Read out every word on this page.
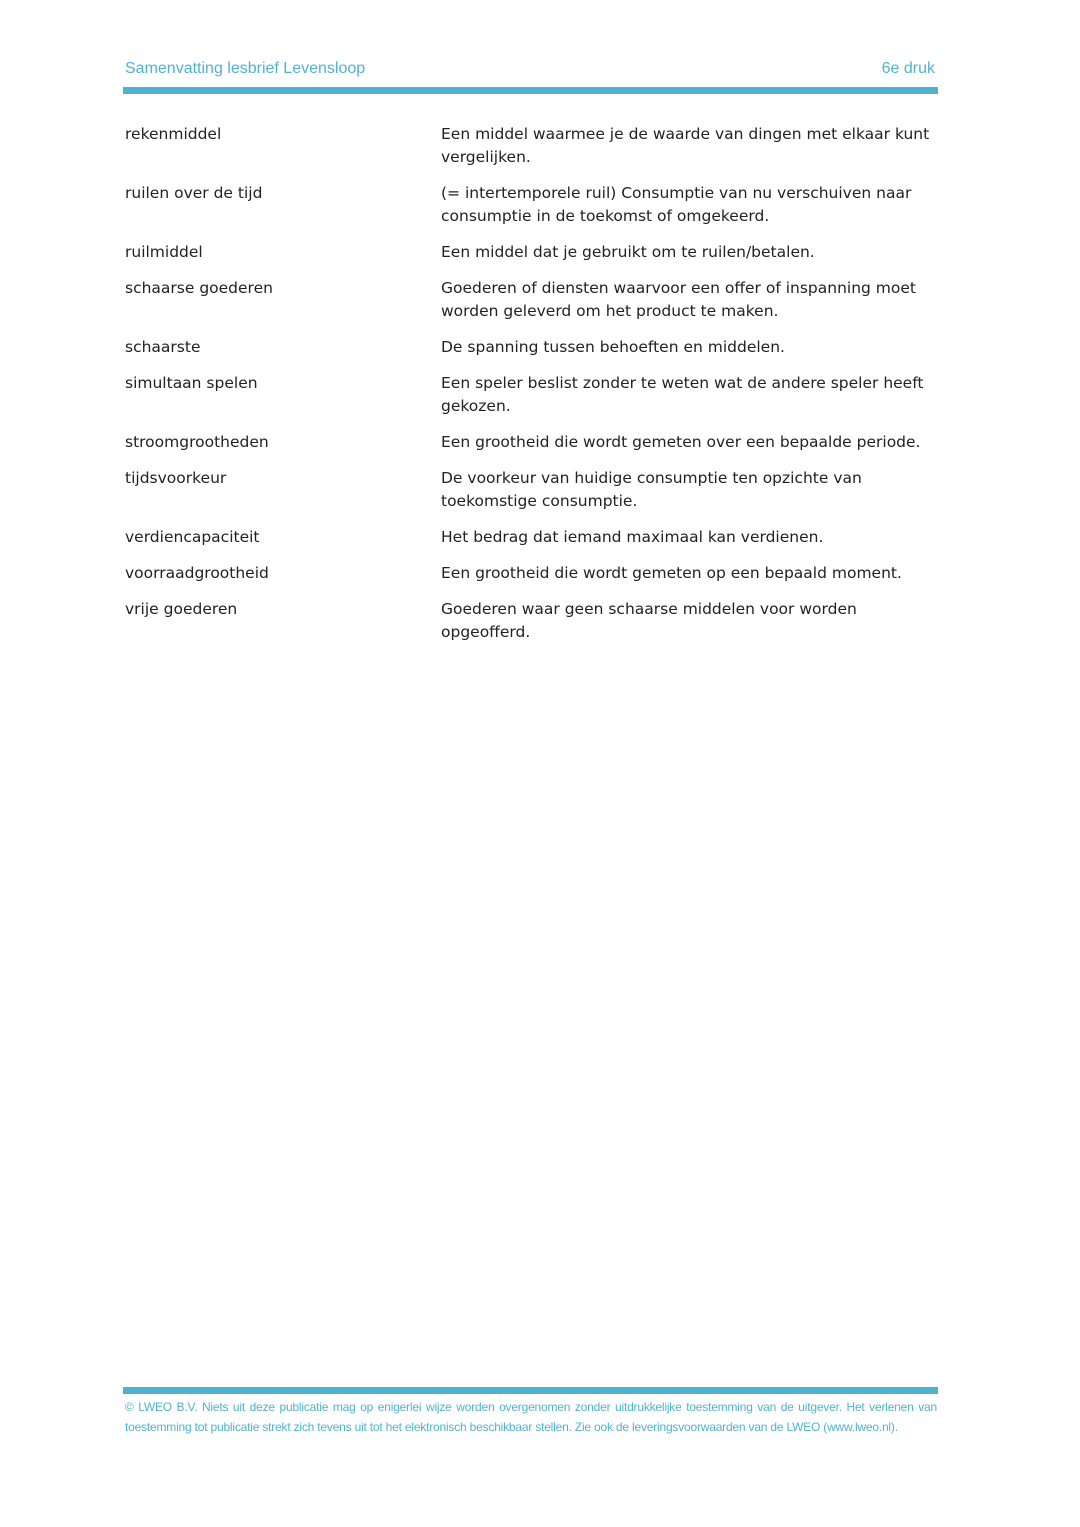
Samenvatting lesbrief Levensloop	6e druk
rekenmiddel	Een middel waarmee je de waarde van dingen met elkaar kunt vergelijken.
ruilen over de tijd	(= intertemporele ruil) Consumptie van nu verschuiven naar consumptie in de toekomst of omgekeerd.
ruilmiddel	Een middel dat je gebruikt om te ruilen/betalen.
schaarse goederen	Goederen of diensten waarvoor een offer of inspanning moet worden geleverd om het product te maken.
schaarste	De spanning tussen behoeften en middelen.
simultaan spelen	Een speler beslist zonder te weten wat de andere speler heeft gekozen.
stroomgrootheden	Een grootheid die wordt gemeten over een bepaalde periode.
tijdsvoorkeur	De voorkeur van huidige consumptie ten opzichte van toekomstige consumptie.
verdiencapaciteit	Het bedrag dat iemand maximaal kan verdienen.
voorraadgrootheid	Een grootheid die wordt gemeten op een bepaald moment.
vrije goederen	Goederen waar geen schaarse middelen voor worden opgeofferd.
© LWEO B.V. Niets uit deze publicatie mag op enigerlei wijze worden overgenomen zonder uitdrukkelijke toestemming van de uitgever. Het verlenen van toestemming tot publicatie strekt zich tevens uit tot het elektronisch beschikbaar stellen. Zie ook de leveringsvoorwaarden van de LWEO (www.lweo.nl).
